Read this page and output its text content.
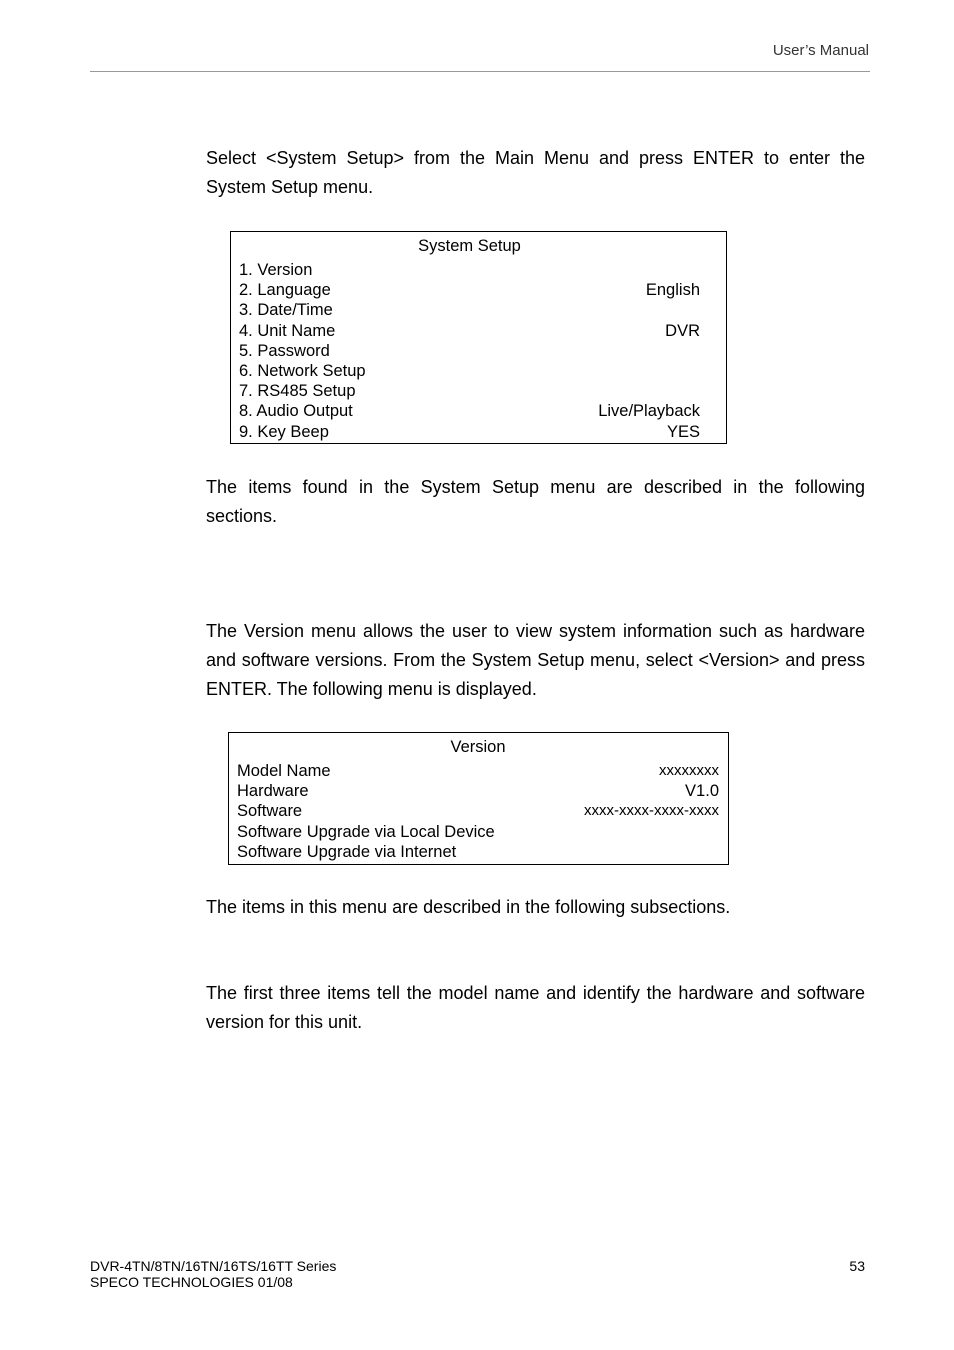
User’s Manual

Select <System Setup> from the Main Menu and press ENTER to enter the System Setup menu.

System Setup
1. Version
2. Language	English
3. Date/Time
4. Unit Name	DVR
5. Password
6. Network Setup
7. RS485 Setup
8. Audio Output	Live/Playback
9. Key Beep	YES

The items found in the System Setup menu are described in the following sections.

The Version menu allows the user to view system information such as hardware and software versions. From the System Setup menu, select <Version> and press ENTER. The following menu is displayed.

Version
Model Name	xxxxxxxx
Hardware	V1.0
Software	xxxx-xxxx-xxxx-xxxx
Software Upgrade via Local Device
Software Upgrade via Internet

The items in this menu are described in the following subsections.

The first three items tell the model name and identify the hardware and software version for this unit.

DVR-4TN/8TN/16TN/16TS/16TT Series
SPECO TECHNOLOGIES 01/08
53
